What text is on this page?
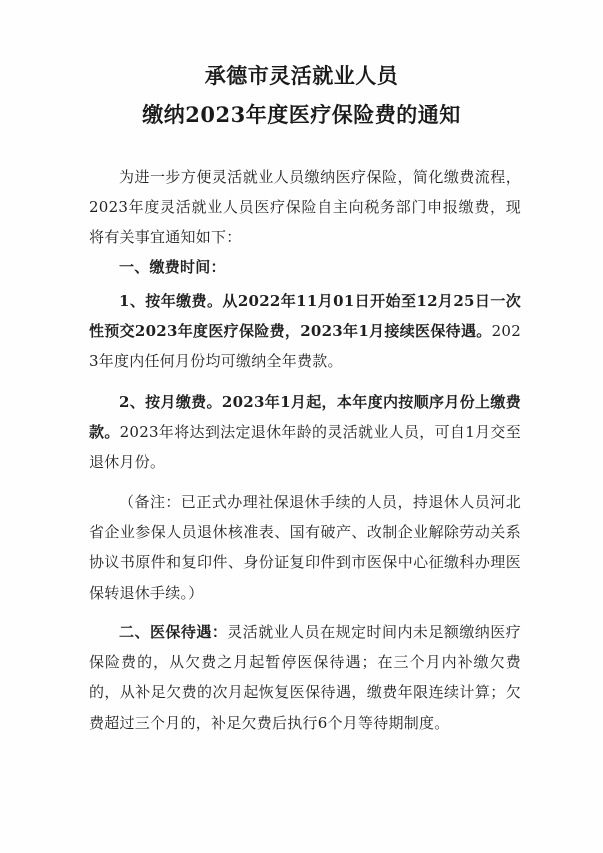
承德市灵活就业人员
缴纳2023年度医疗保险费的通知
为进一步方便灵活就业人员缴纳医疗保险，简化缴费流程，2023年度灵活就业人员医疗保险自主向税务部门申报缴费，现将有关事宜通知如下：
一、缴费时间：
1、按年缴费。从2022年11月01日开始至12月25日一次性预交2023年度医疗保险费，2023年1月接续医保待遇。2023年度内任何月份均可缴纳全年费款。
2、按月缴费。2023年1月起，本年度内按顺序月份上缴费款。2023年将达到法定退休年龄的灵活就业人员，可自1月交至退休月份。
（备注：已正式办理社保退休手续的人员，持退休人员河北省企业参保人员退休核准表、国有破产、改制企业解除劳动关系协议书原件和复印件、身份证复印件到市医保中心征缴科办理医保转退休手续。）
二、医保待遇：灵活就业人员在规定时间内未足额缴纳医疗保险费的，从欠费之月起暂停医保待遇；在三个月内补缴欠费的，从补足欠费的次月起恢复医保待遇，缴费年限连续计算；欠费超过三个月的，补足欠费后执行6个月等待期制度。
